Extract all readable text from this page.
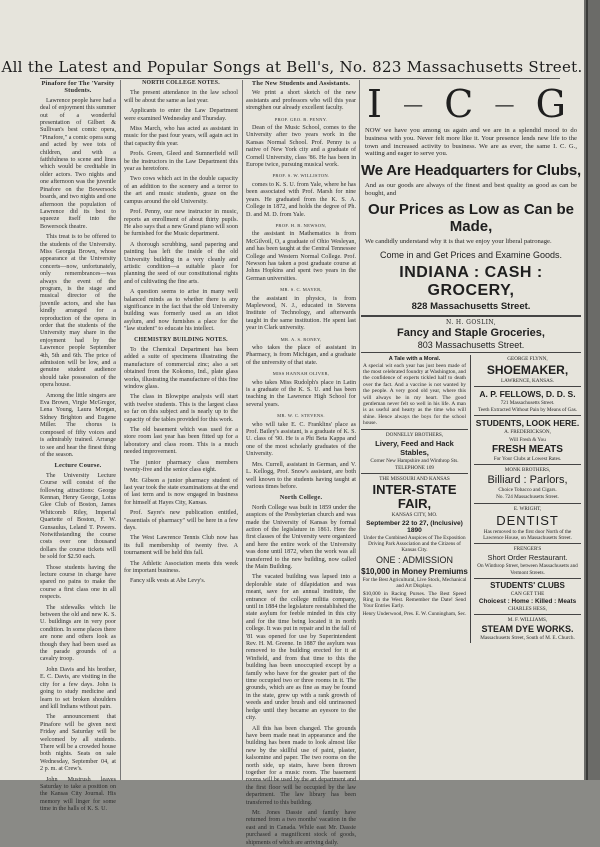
All the Latest and Popular Songs at Bell's, No. 823 Massachusetts Street.
Pinafore for The 'Varsity Students.
Lawrence people have had a deal of enjoyment this summer out of a wonderful presentation of Gilbert & Sullivan's best comic opera, "Pinafore," a comic opera sung and acted by wee tots of children, and with a faithfulness to scene and lines which would be creditable in older actors. Two nights and one afternoon was the juvenile Pinafore on the Bowersock boards, and two nights and one afternoon the population of Lawrence did its best to squeeze itself into the Bowersock theatre.
This treat is to be offered to the students of the University. Miss Georgia Brown, whose appearance at the University concerts—now, unfortunately, only remembrances—was always the event of the program, is the stage and musical director of the juvenile actors, and she has kindly arranged for a reproduction of the opera in order that the students of the University may share in the enjoyment had by the Lawrence people September 4th, 5th and 6th. The price of admission will be low, and a genuine student audience should take possession of the opera house.
Among the little singers are Eva Brown, Virgie McGregor, Lena Young, Laura Morgan, Sidney Brighton and Eugene Miller. The chorus is composed of fifty voices and is admirably trained. Arrange to see and hear the finest thing of the season.
Lecture Course.
The University Lecture Course will consist of the following attractions: George Kennan, Henry George, Lotus Glee Club of Boston, James Whitcomb Riley, Imperial Quartette of Boston, F. W. Gunsaulus, Leland T. Powers. Notwithstanding the course costs over one thousand dollars the course tickets will be sold for $2.50 each.
Those students having the lecture course in charge have spared no pains to make the course a first class one in all respects.
The sidewalks which lie between the old and new K. S. U. buildings are in very poor condition. In some places there are none and others look as though they had been used as the parade grounds of a cavalry troop.
John Davis and his brother, E. C. Davis, are visiting in the city for a few days. John is going to study medicine and learn to set broken shoulders and kill Indians without pain.
The announcement that Pinafore will be given next Friday and Saturday will be welcomed by all students. There will be a crowded house both nights. Seats on sale Wednesday, September 04, at 2 p. m. at Crew's.
John Mustrush leaves Saturday to take a position on the Kansas City Journal. His memory will linger for some time in the halls of K. S. U.
NORTH COLLEGE NOTES.
The present attendance in the law school will be about the same as last year.
Applicants to enter the Law Department were examined Wednesday and Thursday.
Miss March, who has acted as assistant in music for the past four years, will again act in that capacity this year.
Profs. Green, Gleed and Sumnerfield will be the instructors in the Law Department this year as heretofore.
Two cows which act in the double capacity of an addition to the scenery and a terror to the art and music students, graze on the campus around the old University.
Prof. Penny, our new instructor in music, reports an enrollment of about thirty pupils. He also says that a new Grand piano will soon be furnished for the Music department.
A thorough scrubbing, sand papering and painting has left the inside of the old University building in a very cleanly and artistic condition—a suitable place for planning the seed of our constitutional rights and of cultivating the fine arts.
A question seems to arise in many well balanced minds as to whether there is any significance in the fact that the old University building was formerly used as an idiot asylum, and now furnishes a place for the "law student" to educate his intellect.
CHEMISTRY BUILDING NOTES.
To the Chemical Department has been added a suite of specimens illustrating the manufacture of commercial zinc; also a set obtained from the Kokomo, Ind., plate glass works, illustrating the manufacture of this fine window glass.
The class in Blowpipe analysis will start with twelve students. This is the largest class so far on this subject and is nearly up to the capacity of the tables provided for this work.
The old basement which was used for a store room last year has been fitted up for a laboratory and class room. This is a much needed improvement.
The junior pharmacy class members twenty-five and the senior class eight.
Mr. Gibson a junior pharmacy student of last year took the state examinations at the end of last term and is now engaged in business for himself at Hayes City, Kansas.
Prof. Sayre's new publication entitled, "essentials of pharmacy" will be here in a few days.
The West Lawrence Tennis Club now has its full membership of twenty five. A tournament will be held this fall.
The Athletic Association meets this week for important business.
Fancy silk vests at Abe Levy's.
The New Students and Assistants.
We print a short sketch of the new assistants and professors who will this year strengthen our already excellent faculty.
PROF. GEO. B. PENNY.
Dean of the Music School, comes to the University after two years work in the Kansas Normal School. Prof. Penny is a native of New York city and a graduate of Cornell University, class '86. He has been in Europe twice, pursuing musical work.
PROF. S. W. WILLISTON.
comes to K. S. U. from Yale, where he has been associated with Prof. Marsh for nine years. He graduated from the K. S. A. College in 1872, and holds the degree of Ph. D. and M. D. from Yale.
PROF. H. B. NEWSON,
the assistant in Mathematics is from McGilvoil, O, a graduate of Ohio Wesleyan, and has been taught at the Central Tennessee College and Western Normal College. Prof. Newson has taken a post graduate course at Johns Hopkins and spent two years in the German universities.
MR. S. C. MAYER,
the assistant in physics, is from Maplewood, N. J., educated in Stevens Institute of Technology, and afterwards taught in the same institution. He spent last year in Clark university.
MR. A. S. RONEY,
who takes the place of assistant in Pharmacy, is from Michigan, and a graduate of the university of that state.
MISS HANNAH OLIVER,
who takes Miss Rudolph's place in Latin is a graduate of the K. S. U. and has been teaching in the Lawrence High School for several years.
MR. W. C. STEVENS.
who will take E. C. Franklins' place as Prof. Bailey's assistant, is a graduate of K. S. U. class of '90. He is a Phi Beta Kappa and one of the most scholarly graduates of the University.
Mrs. Currell, assistant in German, and V. L. Kellogg, Prof. Snow's assistant, are both well known to the students having taught at various times before.
North College.
North College was built in 1859 under the auspices of the Presbyterian church and was made the University of Kansas by formal action of the legislature in 1861. Here the first classes of the University were organized and here the entire work of the University was done until 1872, when the work was all transferred to the new building, now called the Main Building.
The vacated building was lapsed into a deplorable state of dilapidation and was meant, save for an annual institute, the entrance of the college militia company, until in 1884 the legislature reestablished the state asylum for feeble minded in this city and for the time being located it in north college. It was put in repair and in the fall of '81 was opened for use by Superintendent Rev. H. M. Greene. In 1887 the asylum was removed to the building erected for it at Winfield, and from that time to this the building has been unoccupied except by a family who have for the greater part of the time occupied two or three rooms in it. The grounds, which are as fine as may be found in the state, grew up with a rank growth of weeds and under brush and old unrinsoned hedge until they became an eyesore to the city.
All this has been changed. The grounds have been made neat in appearance and the building has been made to look almost like new by the skillful use of paint, plaster, kalsomine and paper. The two rooms on the north side, up stairs, have been thrown together for a music room. The basement rooms will be used by the art department and the first floor will be occupied by the law department. The law library has been transferred to this building.
Mr. Jones Dassie and family have returned from a two months' vacation in the east and in Canada. While east Mr. Dassie purchased a magnificent stock of goods, shipments of which are arriving daily.
I — C — G
NOW we have you among us again and we are in a splendid mood to do business with you. Never felt more like it. Your presence lends new life to the town and increased activity to business. We are as ever, the same I. C. G., waiting and eager to serve you.
We Are Headquarters for Clubs,
And as our goods are always of the finest and best quality as good as can be bought, and
Our Prices as Low as Can be Made,
We candidly understand why it is that we enjoy your liberal patronage.
Come in and Get Prices and Examine Goods.
INDIANA : CASH : GROCERY,
828 Massachusetts Street.
N. H. GOSLIN,
Fancy and Staple Groceries,
803 Massachusetts Street.
A Tale with a Moral.
A special wit each year has just been made of the most celebrated foundry at Washington, and the confidence of experts tickled half to death over the fact. And a vaccine is not wanted by the people. A very good old year, where this will always be in my heart. The good gentleman never felt so well in his life. A man is as useful and hearty as the time who will shine. Hence always the boys for the school house.
DONNELLY BROTHERS,
Livery, Feed and Hack Stables,
Corner New Hampshire and Winthrop Sts.
TELEPHONE 109
THE MISSOURI AND KANSAS
INTER-STATE FAIR,
KANSAS CITY, MO.
September 22 to 27, (Inclusive) 1890
Under the Combined Auspices of The Exposition Driving Park Association and the Citizens of Kansas City.
ONE : ADMISSION
$10,000 in Money Premiums
For the Best Agricultural, Live Stock, Mechanical and Art Displays.
$10,000 in Racing Purses. The Best Speed Ring in the West. Remember the Date! Send Your Entries Early.
Henry Underwood, Pres. E. W. Cunningham, Sec.
GEORGE FLYNN,
SHOEMAKER,
LAWRENCE, KANSAS.
A. P. FELLOWS, D. D. S.
721 Massachusetts Street.
Teeth Extracted Without Pain by Means of Gas.
STUDENTS, LOOK HERE.
A. FREDERICKSON,
Will Fresh & You
FRESH MEATS
For Your Clubs at Lowest Rates.
MONK BROTHERS,
Billiard : Parlors,
Choice Tobacco and Cigars.
No. 724 Massachusetts Street.
E. WRIGHT,
DENTIST
Has removed to the first door North of the Lawrence House, on Massachusetts Street.
FRENGER'S
Short Order Restaurant.
On Winthrop Street, between Massachusetts and Vermont Streets.
STUDENTS' CLUBS
CAN GET THE
Choicest : Home : Killed : Meats
CHARLES HESS,
M. F. WILLIAMS,
STEAM DYE WORKS.
Massachusetts Street, South of M. E. Church.
